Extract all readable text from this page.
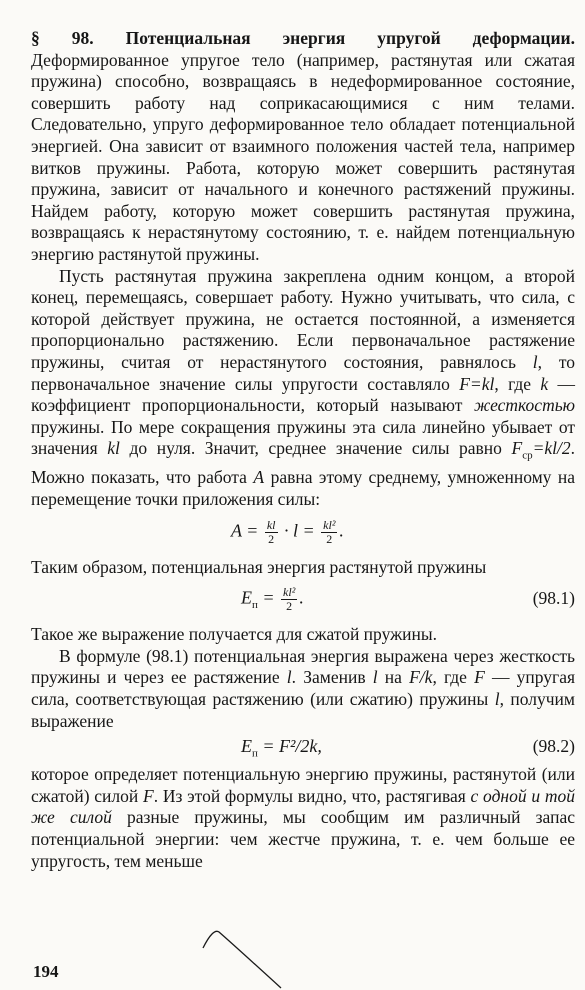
§ 98. Потенциальная энергия упругой деформации. Деформированное упругое тело (например, растянутая или сжатая пружина) способно, возвращаясь в недеформированное состояние, совершить работу над соприкасающимися с ним телами. Следовательно, упруго деформированное тело обладает потенциальной энергией. Она зависит от взаимного положения частей тела, например витков пружины. Работа, которую может совершить растянутая пружина, зависит от начального и конечного растяжений пружины. Найдем работу, которую может совершить растянутая пружина, возвращаясь к нерастянутому состоянию, т. е. найдем потенциальную энергию растянутой пружины.

Пусть растянутая пружина закреплена одним концом, а второй конец, перемещаясь, совершает работу. Нужно учитывать, что сила, с которой действует пружина, не остается постоянной, а изменяется пропорционально растяжению. Если первоначальное растяжение пружины, считая от нерастянутого состояния, равнялось l, то первоначальное значение силы упругости составляло F=kl, где k — коэффициент пропорциональности, который называют жесткостью пружины. По мере сокращения пружины эта сила линейно убывает от значения kl до нуля. Значит, среднее значение силы равно $F_{ср}=kl/2$. Можно показать, что работа A равна этому среднему, умноженному на перемещение точки приложения силы:

$A = \frac{kl}{2} \cdot l = \frac{\text{kl²}}{2}$ .

Таким образом, потенциальная энергия растянутой пружины

$E_п = \frac{\text{kl²}}{2}$ .	(98.1)

Такое же выражение получается для сжатой пружины.

В формуле (98.1) потенциальная энергия выражена через жесткость пружины и через ее растяжение l. Заменив l на F/k, где F — упругая сила, соответствующая растяжению (или сжатию) пружины l, получим выражение

$E_п = F^2/2k$,	(98.2)

которое определяет потенциальную энергию пружины, растянутой (или сжатой) силой F. Из этой формулы видно, что, растягивая с одной и той же силой разные пружины, мы сообщим им различный запас потенциальной энергии: чем жестче пружина, т. е. чем больше ее упругость, тем меньше

194
